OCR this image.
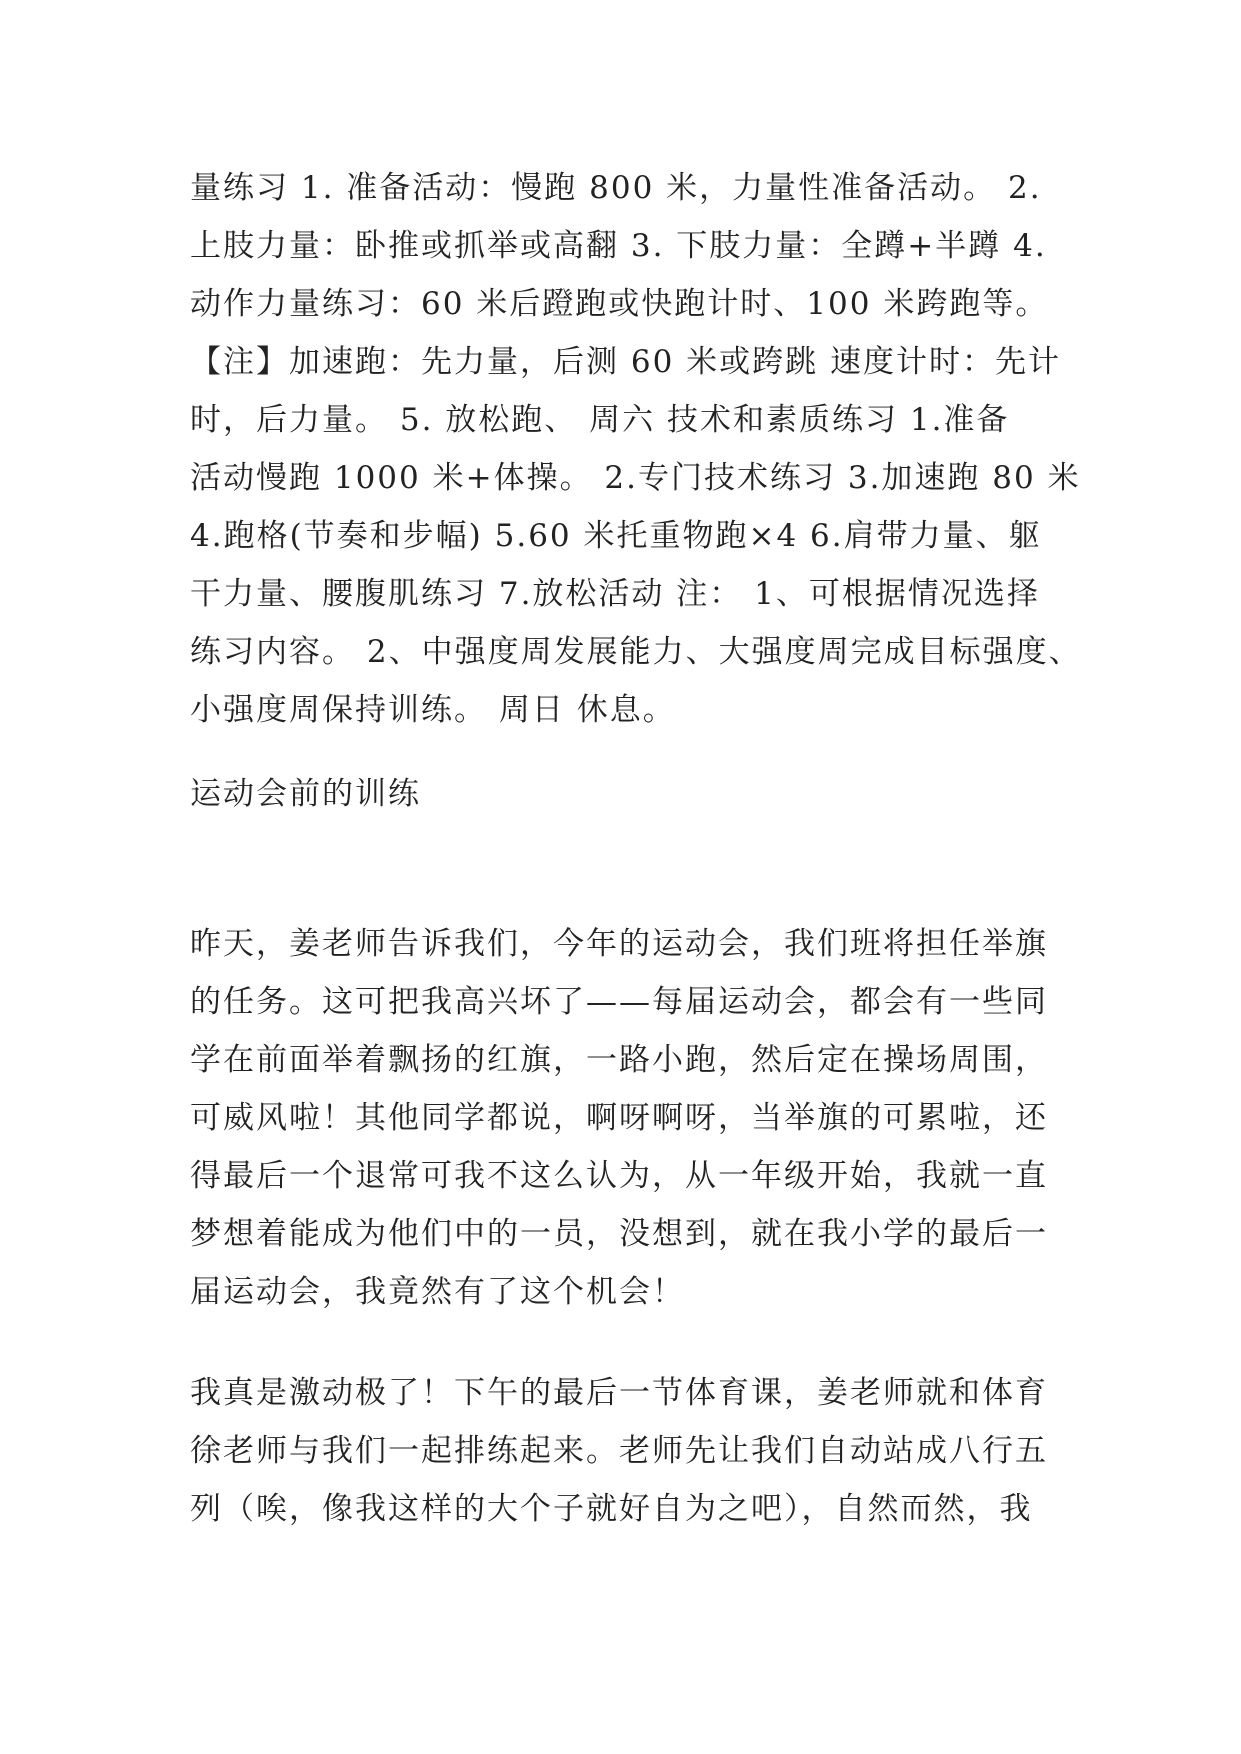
量练习 1. 准备活动：慢跑 800 米，力量性准备活动。 2.
上肢力量：卧推或抓举或高翻 3. 下肢力量：全蹲+半蹲 4.
动作力量练习：60 米后蹬跑或快跑计时、100 米跨跑等。
【注】加速跑：先力量，后测 60 米或跨跳 速度计时：先计
时，后力量。 5. 放松跑、 周六 技术和素质练习 1.准备
活动慢跑 1000 米+体操。 2.专门技术练习 3.加速跑 80 米
4.跑格(节奏和步幅) 5.60 米托重物跑×4 6.肩带力量、躯
干力量、腰腹肌练习 7.放松活动 注： 1、可根据情况选择
练习内容。 2、中强度周发展能力、大强度周完成目标强度、
小强度周保持训练。 周日 休息。
运动会前的训练
昨天，姜老师告诉我们，今年的运动会，我们班将担任举旗
的任务。这可把我高兴坏了——每届运动会，都会有一些同
学在前面举着飘扬的红旗，一路小跑，然后定在操场周围，
可威风啦！其他同学都说，啊呀啊呀，当举旗的可累啦，还
得最后一个退常可我不这么认为，从一年级开始，我就一直
梦想着能成为他们中的一员，没想到，就在我小学的最后一
届运动会，我竟然有了这个机会！
我真是激动极了！下午的最后一节体育课，姜老师就和体育
徐老师与我们一起排练起来。老师先让我们自动站成八行五
列（唉，像我这样的大个子就好自为之吧），自然而然，我
